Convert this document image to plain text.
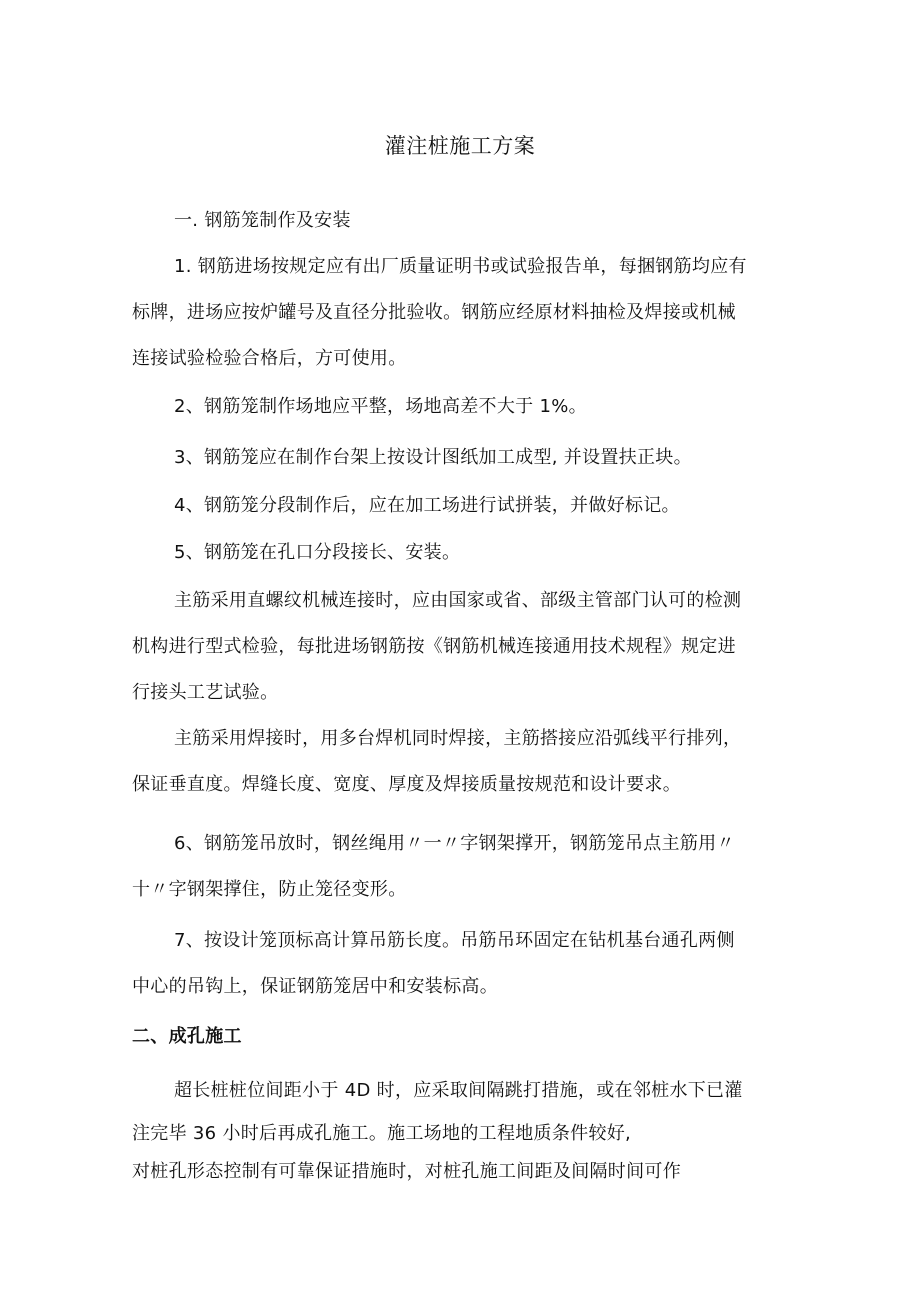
灌注桩施工方案

一. 钢筋笼制作及安装

1. 钢筋进场按规定应有出厂质量证明书或试验报告单，每捆钢筋均应有
标牌，进场应按炉罐号及直径分批验收。钢筋应经原材料抽检及焊接或机械
连接试验检验合格后，方可使用。

2、钢筋笼制作场地应平整，场地高差不大于 1%。

3、钢筋笼应在制作台架上按设计图纸加工成型, 并设置扶正块。

4、钢筋笼分段制作后，应在加工场进行试拼装，并做好标记。

5、钢筋笼在孔口分段接长、安装。

主筋采用直螺纹机械连接时，应由国家或省、部级主管部门认可的检测
机构进行型式检验，每批进场钢筋按《钢筋机械连接通用技术规程》规定进
行接头工艺试验。

主筋采用焊接时，用多台焊机同时焊接，主筋搭接应沿弧线平行排列，
保证垂直度。焊缝长度、宽度、厚度及焊接质量按规范和设计要求。

6、钢筋笼吊放时，钢丝绳用〃一〃字钢架撑开，钢筋笼吊点主筋用〃
十〃字钢架撑住，防止笼径变形。

7、按设计笼顶标高计算吊筋长度。吊筋吊环固定在钻机基台通孔两侧
中心的吊钩上，保证钢筋笼居中和安装标高。

二、成孔施工

超长桩桩位间距小于 4D 时，应采取间隔跳打措施，或在邻桩水下已灌
注完毕 36 小时后再成孔施工。施工场地的工程地质条件较好,
对桩孔形态控制有可靠保证措施时，对桩孔施工间距及间隔时间可作
